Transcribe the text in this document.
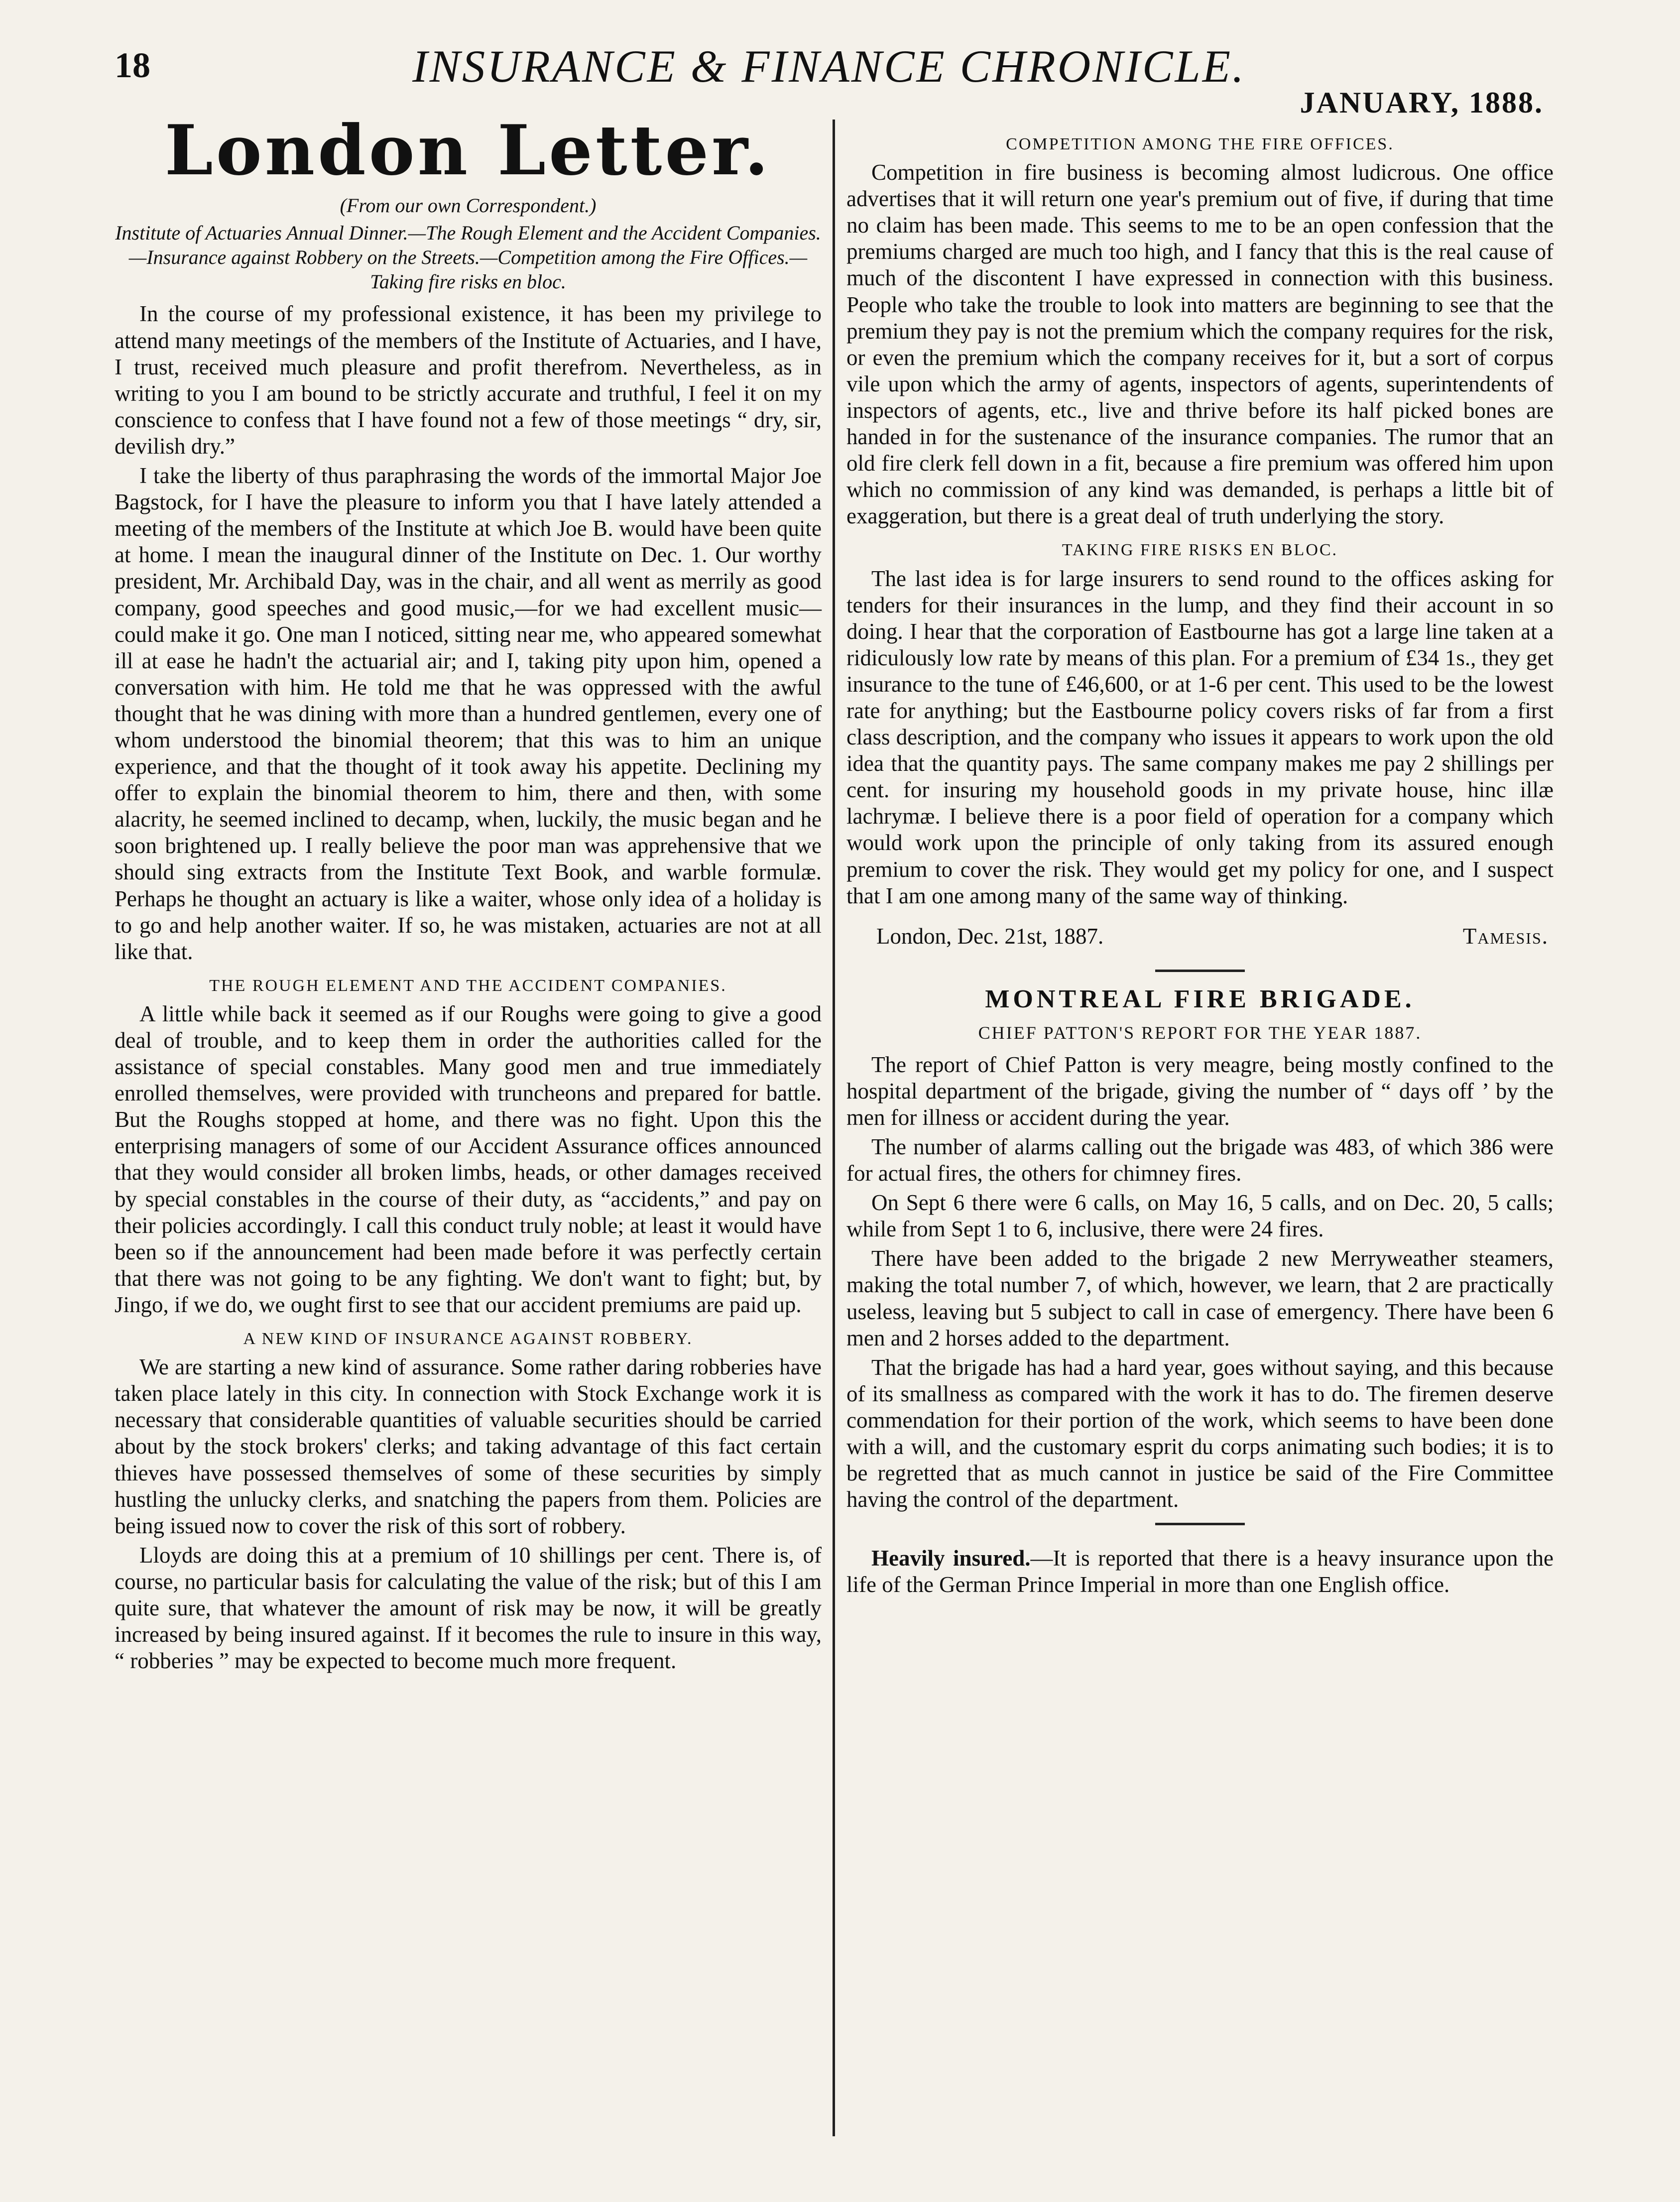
18	INSURANCE & FINANCE CHRONICLE.
JANUARY, 1888.
London Letter.
(From our own Correspondent.)
Institute of Actuaries Annual Dinner.—The Rough Element and the Accident Companies.—Insurance against Robbery on the Streets.—Competition among the Fire Offices.—Taking fire risks en bloc.

In the course of my professional existence, it has been my privilege to attend many meetings of the members of the Institute of Actuaries, and I have, I trust, received much pleasure and profit therefrom. Nevertheless, as in writing to you I am bound to be strictly accurate and truthful, I feel it on my conscience to confess that I have found not a few of those meetings “ dry, sir, devilish dry.”

I take the liberty of thus paraphrasing the words of the immortal Major Joe Bagstock, for I have the pleasure to inform you that I have lately attended a meeting of the members of the Institute at which Joe B. would have been quite at home. I mean the inaugural dinner of the Institute on Dec. 1. Our worthy president, Mr. Archibald Day, was in the chair, and all went as merrily as good company, good speeches and good music,—for we had excellent music—could make it go. One man I noticed, sitting near me, who appeared somewhat ill at ease he hadn't the actuarial air; and I, taking pity upon him, opened a conversation with him. He told me that he was oppressed with the awful thought that he was dining with more than a hundred gentlemen, every one of whom understood the binomial theorem; that this was to him an unique experience, and that the thought of it took away his appetite. Declining my offer to explain the binomial theorem to him, there and then, with some alacrity, he seemed inclined to decamp, when, luckily, the music began and he soon brightened up. I really believe the poor man was apprehensive that we should sing extracts from the Institute Text Book, and warble formulæ. Perhaps he thought an actuary is like a waiter, whose only idea of a holiday is to go and help another waiter. If so, he was mistaken, actuaries are not at all like that.

THE ROUGH ELEMENT AND THE ACCIDENT COMPANIES.

A little while back it seemed as if our Roughs were going to give a good deal of trouble, and to keep them in order the authorities called for the assistance of special constables. Many good men and true immediately enrolled themselves, were provided with truncheons and prepared for battle. But the Roughs stopped at home, and there was no fight. Upon this the enterprising managers of some of our Accident Assurance offices announced that they would consider all broken limbs, heads, or other damages received by special constables in the course of their duty, as “accidents,” and pay on their policies accordingly. I call this conduct truly noble; at least it would have been so if the announcement had been made before it was perfectly certain that there was not going to be any fighting. We don't want to fight; but, by Jingo, if we do, we ought first to see that our accident premiums are paid up.

A NEW KIND OF INSURANCE AGAINST ROBBERY.

We are starting a new kind of assurance. Some rather daring robberies have taken place lately in this city. In connection with Stock Exchange work it is necessary that considerable quantities of valuable securities should be carried about by the stock brokers' clerks; and taking advantage of this fact certain thieves have possessed themselves of some of these securities by simply hustling the unlucky clerks, and snatching the papers from them. Policies are being issued now to cover the risk of this sort of robbery.

Lloyds are doing this at a premium of 10 shillings per cent. There is, of course, no particular basis for calculating the value of the risk; but of this I am quite sure, that whatever the amount of risk may be now, it will be greatly increased by being insured against. If it becomes the rule to insure in this way, “ robberies ” may be expected to become much more frequent.

COMPETITION AMONG THE FIRE OFFICES.

Competition in fire business is becoming almost ludicrous. One office advertises that it will return one year's premium out of five, if during that time no claim has been made. This seems to me to be an open confession that the premiums charged are much too high, and I fancy that this is the real cause of much of the discontent I have expressed in connection with this business. People who take the trouble to look into matters are beginning to see that the premium they pay is not the premium which the company requires for the risk, or even the premium which the company receives for it, but a sort of corpus vile upon which the army of agents, inspectors of agents, superintendents of inspectors of agents, etc., live and thrive before its half picked bones are handed in for the sustenance of the insurance companies. The rumor that an old fire clerk fell down in a fit, because a fire premium was offered him upon which no commission of any kind was demanded, is perhaps a little bit of exaggeration, but there is a great deal of truth underlying the story.

TAKING FIRE RISKS EN BLOC.

The last idea is for large insurers to send round to the offices asking for tenders for their insurances in the lump, and they find their account in so doing. I hear that the corporation of Eastbourne has got a large line taken at a ridiculously low rate by means of this plan. For a premium of £34 1s., they get insurance to the tune of £46,600, or at 1-6 per cent. This used to be the lowest rate for anything; but the Eastbourne policy covers risks of far from a first class description, and the company who issues it appears to work upon the old idea that the quantity pays. The same company makes me pay 2 shillings per cent. for insuring my household goods in my private house, hinc illæ lachrymæ. I believe there is a poor field of operation for a company which would work upon the principle of only taking from its assured enough premium to cover the risk. They would get my policy for one, and I suspect that I am one among many of the same way of thinking.

London, Dec. 21st, 1887.	Tamesis.
MONTREAL FIRE BRIGADE.
CHIEF PATTON'S REPORT FOR THE YEAR 1887.

The report of Chief Patton is very meagre, being mostly confined to the hospital department of the brigade, giving the number of “ days off ’ by the men for illness or accident during the year.

The number of alarms calling out the brigade was 483, of which 386 were for actual fires, the others for chimney fires.

On Sept 6 there were 6 calls, on May 16, 5 calls, and on Dec. 20, 5 calls; while from Sept 1 to 6, inclusive, there were 24 fires.

There have been added to the brigade 2 new Merryweather steamers, making the total number 7, of which, however, we learn, that 2 are practically useless, leaving but 5 subject to call in case of emergency. There have been 6 men and 2 horses added to the department.

That the brigade has had a hard year, goes without saying, and this because of its smallness as compared with the work it has to do. The firemen deserve commendation for their portion of the work, which seems to have been done with a will, and the customary esprit du corps animating such bodies; it is to be regretted that as much cannot in justice be said of the Fire Committee having the control of the department.

Heavily insured.—It is reported that there is a heavy insurance upon the life of the German Prince Imperial in more than one English office.
